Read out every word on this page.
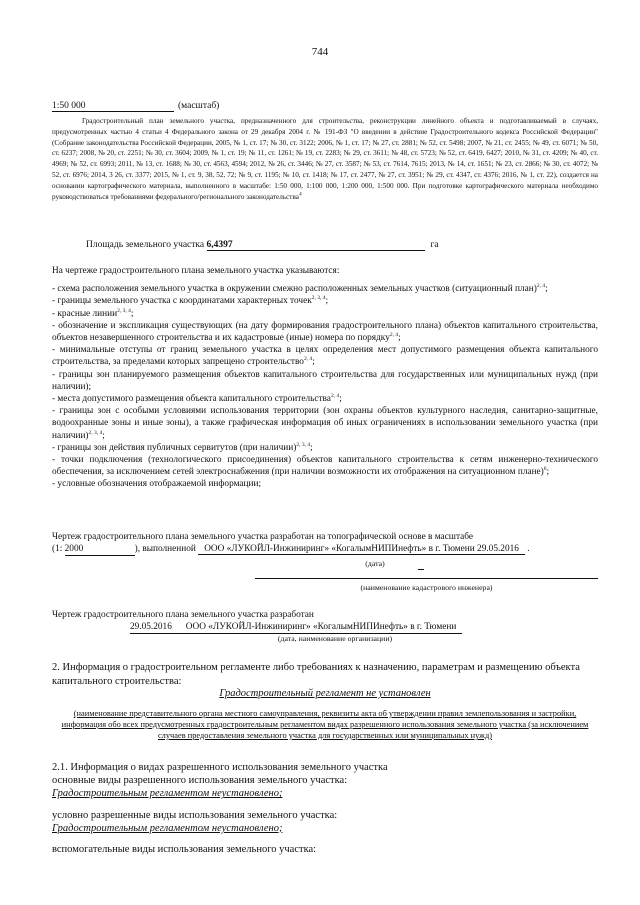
744
1:50 000	(масштаб)
Градостроительный план земельного участка, предназначенного для строительства, реконструкции линейного объекта и подготавливаемый в случаях, предусмотренных частью 4 статьи 4 Федерального закона от 29 декабря 2004 г. № 191-ФЗ "О введении в действие Градостроительного кодекса Российской Федерации" (Собрание законодательства Российской Федерации, 2005, № 1, ст. 17; № 30, ст. 3122; 2006, № 1, ст. 17; № 27, ст. 2881; № 52, ст. 5498; 2007, № 21, ст. 2455; № 49, ст. 6071; № 50, ст. 6237; 2008, № 20, ст. 2251; № 30, ст. 3604; 2009, № 1, ст. 19; № 11, ст. 1261; № 19, ст. 2283; № 29, ст. 3611; № 48, ст. 5723; № 52, ст. 6419, 6427; 2010, № 31, ст. 4209; № 40, ст. 4969; № 52, ст. 6993; 2011, № 13, ст. 1688; № 30, ст. 4563, 4594; 2012, № 26, ст. 3446; № 27, ст. 3587; № 53, ст. 7614, 7615; 2013, № 14, ст. 1651; № 23, ст. 2866; № 30, ст. 4072; № 52, ст. 6976; 2014, 3 26, ст. 3377; 2015, № 1, ст. 9, 38, 52, 72; № 9, ст. 1195; № 10, ст. 1418; № 17, ст. 2477, № 27, ст. 3951; № 29, ст. 4347, ст. 4376; 2016, № 1, ст. 22), создается на основании картографического материала, выполненного в масштабе: 1:50 000, 1:100 000, 1:200 000, 1:500 000. При подготовке картографического материала необходимо руководствоваться требованиями федерального/регионального законодательства$^4$
Площадь земельного участка 6,4397	га

На чертеже градостроительного плана земельного участка указываются:

- схема расположения земельного участка в окружении смежно расположенных земельных участков (ситуационный план)$^{2, 4}$;

- границы земельного участка с координатами характерных точек$^{2, 3, 4}$;

- красные линии$^{2, 3, 4}$;

- обозначение и экспликация существующих (на дату формирования градостроительного плана) объектов капитального строительства, объектов незавершенного строительства и их кадастровые (иные) номера по порядку$^{2, 4}$;

- минимальные отступы от границ земельного участка в целях определения мест допустимого размещения объекта капитального строительства, за пределами которых запрещено строительство$^{2, 4}$;

- границы зон планируемого размещения объектов капитального строительства для государственных или муниципальных нужд (при наличии);

- места допустимого размещения объекта капитального строительства$^{2, 4}$;

- границы зон с особыми условиями использования территории (зон охраны объектов культурного наследия, санитарно-защитные, водоохранные зоны и иные зоны), а также графическая информация об иных ограничениях в использовании земельного участка (при наличии)$^{2, 3, 4}$;

- границы зон действия публичных сервитутов (при наличии)$^{2, 3, 4}$;

- точки подключения (технологического присоединения) объектов капитального строительства к сетям инженерно-технического обеспечения, за исключением сетей электроснабжения (при наличии возможности их отображения на ситуационном плане)$^6$;

- условные обозначения отображаемой информации;

Чертеж градостроительного плана земельного участка разработан на топографической основе в масштабе

(1: 2000	), выполненной ООО «ЛУКОЙЛ-Инжиниринг» «КогалымНИПИнефть» в г. Тюмени 29.05.2016 .

(дата)
(наименование кадастрового инженера)

Чертеж градостроительного плана земельного участка разработан

29.05.2016 ООО «ЛУКОЙЛ-Инжиниринг» «КогалымНИПИнефть» в г. Тюмени

(дата, наименование организации)

2. Информация о градостроительном регламенте либо требованиях к назначению, параметрам и размещению объекта капитального строительства:

Градостроительный регламент не установлен
(наименование представительного органа местного самоуправления, реквизиты акта об утверждении правил землепользования и застройки, информация обо всех предусмотренных градостроительным регламентом видах разрешенного использования земельного участка (за исключением случаев предоставления земельного участка для государственных или муниципальных нужд)

2.1. Информация о видах разрешенного использования земельного участка

основные виды разрешенного использования земельного участка:

Градостроительным регламентом неустановлено;

условно разрешенные виды использования земельного участка:

Градостроительным регламентом неустановлено;

вспомогательные виды использования земельного участка:
